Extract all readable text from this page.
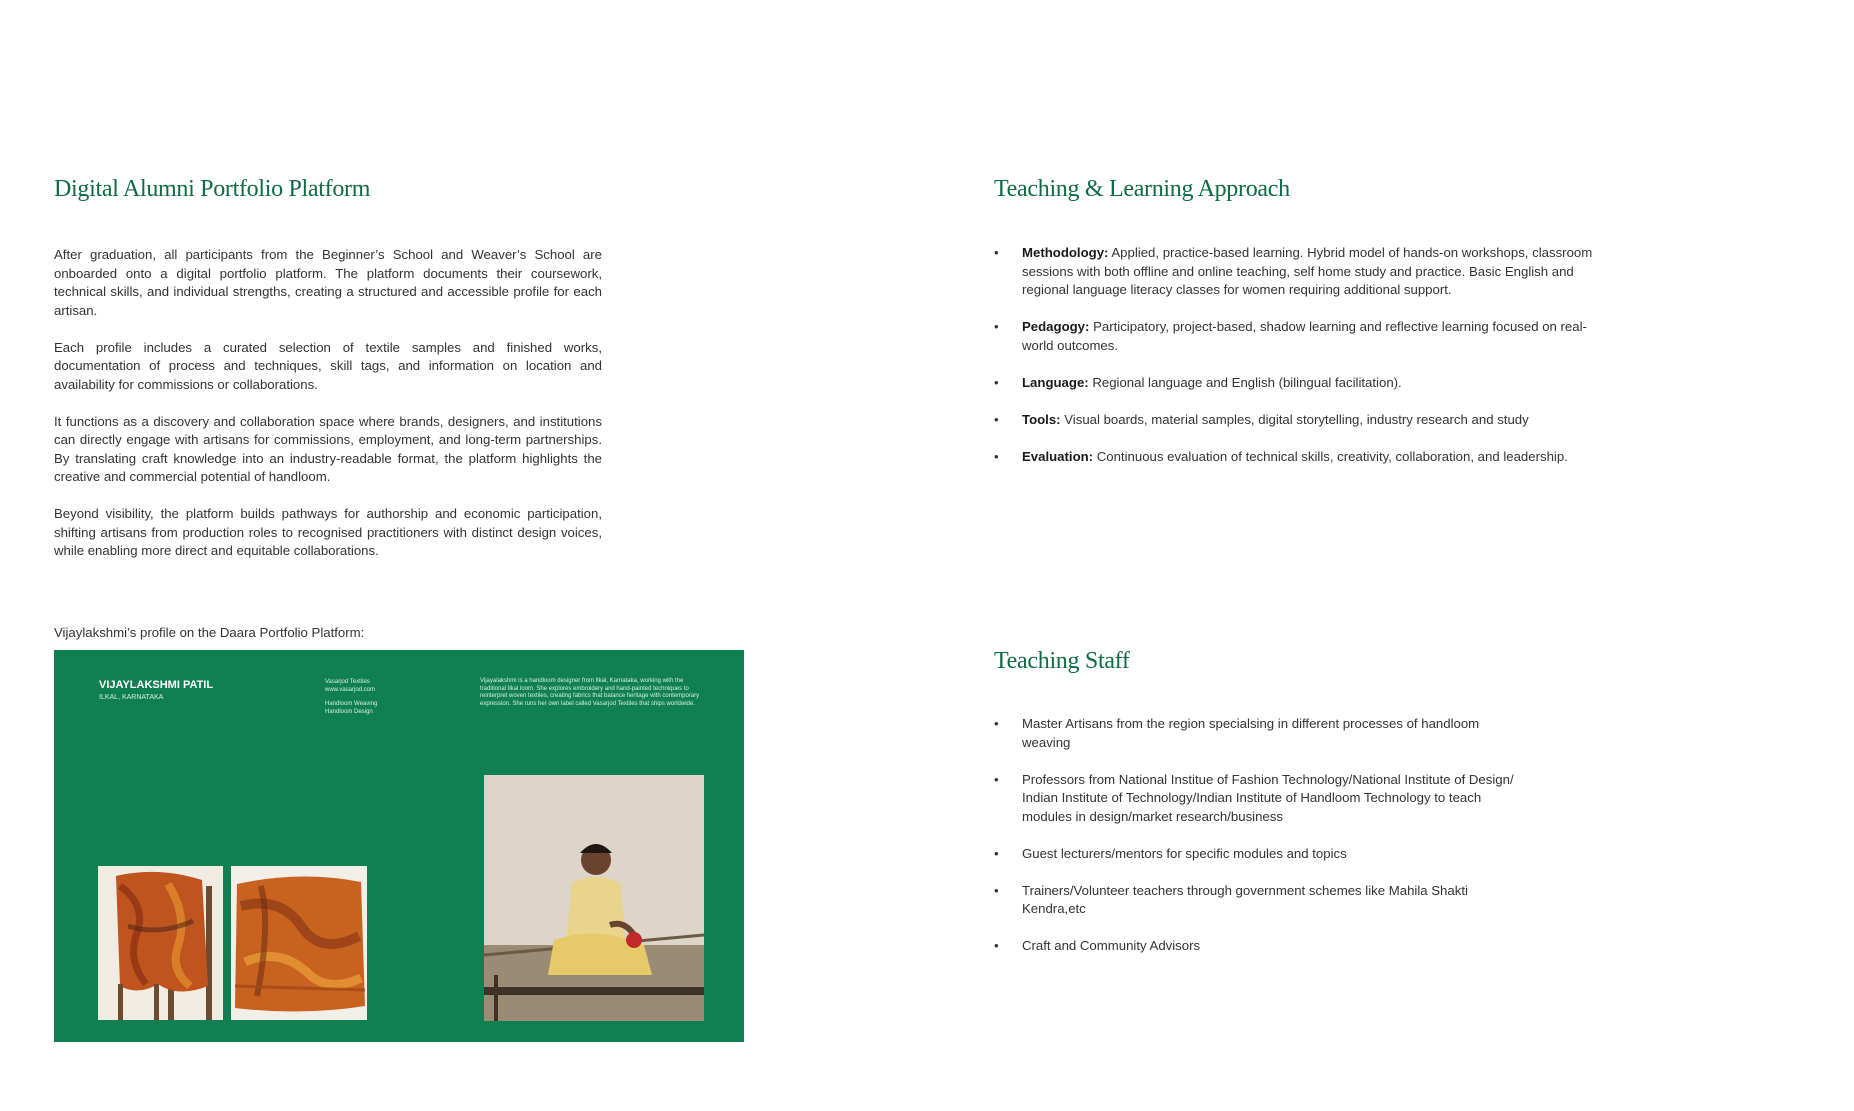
Digital Alumni Portfolio Platform

After graduation, all participants from the Beginner’s School and Weaver’s School are onboarded onto a digital portfolio platform. The platform documents their coursework, technical skills, and individual strengths, creating a structured and accessible profile for each artisan.

Each profile includes a curated selection of textile samples and finished works, documentation of process and techniques, skill tags, and information on location and availability for commissions or collaborations.

It functions as a discovery and collaboration space where brands, designers, and institutions can directly engage with artisans for commissions, employment, and long-term partnerships. By translating craft knowledge into an industry-readable format, the platform highlights the creative and commercial potential of handloom.

Beyond visibility, the platform builds pathways for authorship and economic participation, shifting artisans from production roles to recognised practitioners with distinct design voices, while enabling more direct and equitable collaborations.

Vijaylakshmi’s profile on the Daara Portfolio Platform:

VIJAYLAKSHMI PATIL
ILKAL, KARNATAKA
Vasarjod Textiles
www.vasarjod.com
Handloom Weaving
Handloom Design
Vijayalakshmi is a handloom designer from Ilkal, Karnataka, working with the traditional Ilkal loom. She explores embroidery and hand-painted techniques to reinterpret woven textiles, creating fabrics that balance heritage with contemporary expression. She runs her own label called Vasarjod Textiles that ships worldwide.
Teaching & Learning Approach
• Methodology: Applied, practice-based learning. Hybrid model of hands-on workshops, classroom sessions with both offline and online teaching, self home study and practice. Basic English and regional language literacy classes for women requiring additional support.
• Pedagogy: Participatory, project-based, shadow learning and reflective learning focused on real-world outcomes.
• Language: Regional language and English (bilingual facilitation).
• Tools: Visual boards, material samples, digital storytelling, industry research and study
• Evaluation: Continuous evaluation of technical skills, creativity, collaboration, and leadership.
Teaching Staff
• Master Artisans from the region specialsing in different processes of handloom weaving
• Professors from National Institue of Fashion Technology/National Institute of Design/ Indian Institute of Technology/Indian Institute of Handloom Technology to teach modules in design/market research/business
• Guest lecturers/mentors for specific modules and topics
• Trainers/Volunteer teachers through government schemes like Mahila Shakti Kendra,etc
• Craft and Community Advisors
